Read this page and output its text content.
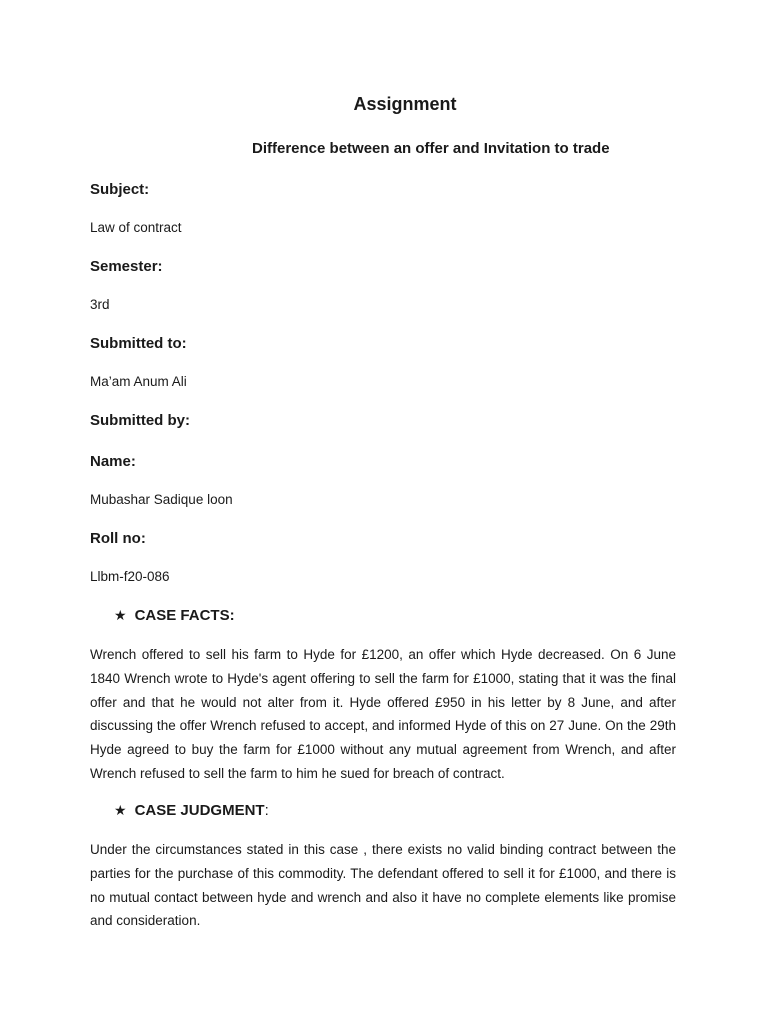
Assignment
Difference between an offer and Invitation to trade

Subject:

Law of contract

Semester:

3rd

Submitted to:

Ma’am Anum Ali

Submitted by:

Name:

Mubashar Sadique loon

Roll no:

Llbm-f20-086

★ CASE FACTS:

Wrench offered to sell his farm to Hyde for £1200, an offer which Hyde decreased. On 6 June 1840 Wrench wrote to Hyde's agent offering to sell the farm for £1000, stating that it was the final offer and that he would not alter from it. Hyde offered £950 in his letter by 8 June, and after discussing the offer Wrench refused to accept, and informed Hyde of this on 27 June. On the 29th Hyde agreed to buy the farm for £1000 without any mutual agreement from Wrench, and after Wrench refused to sell the farm to him he sued for breach of contract.

★ CASE JUDGMENT :

Under the circumstances stated in this case , there exists no valid binding contract between the parties for the purchase of this commodity. The defendant offered to sell it for £1000, and there is no mutual contact between hyde and wrench and also it have no complete elements like promise and consideration.
